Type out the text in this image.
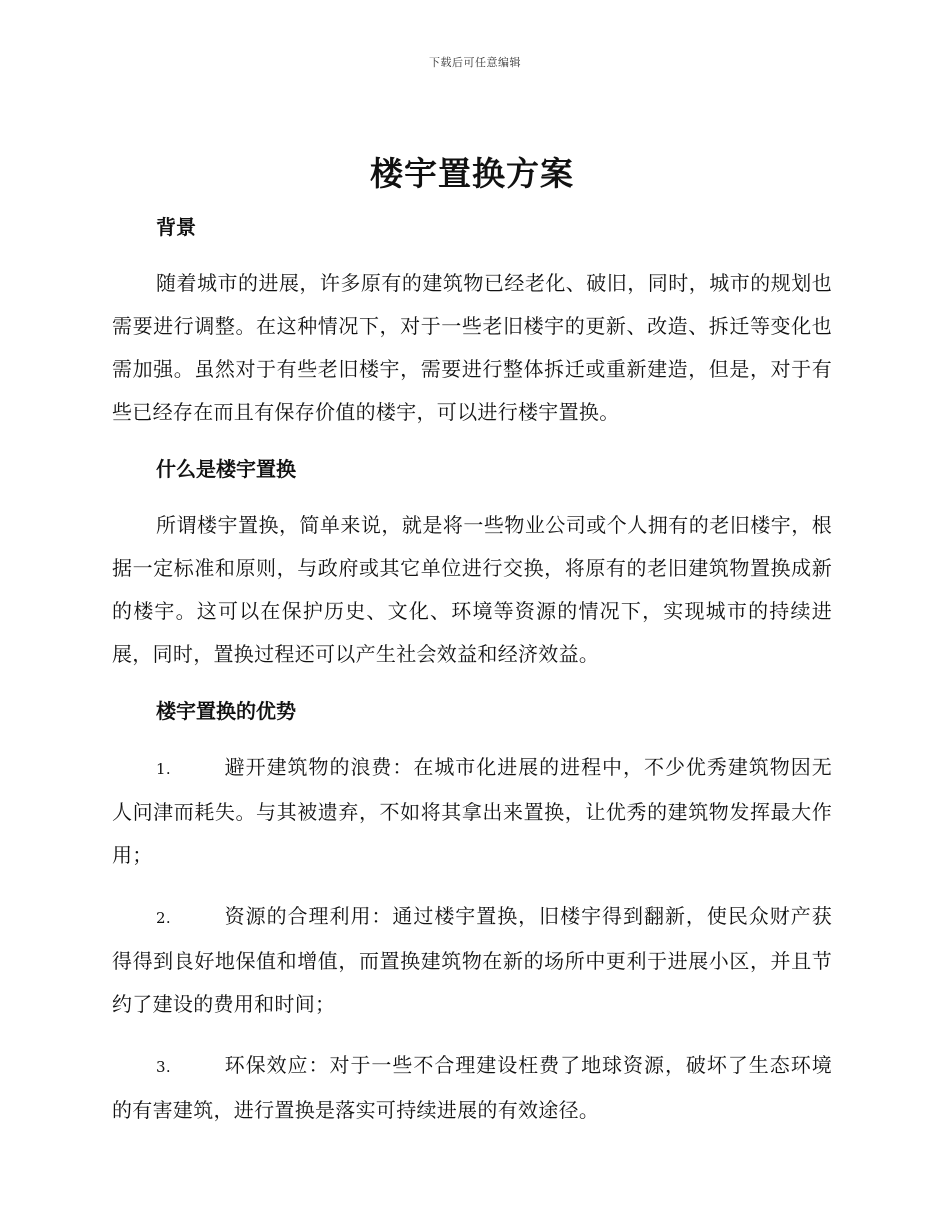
下载后可任意编辑
楼宇置换方案
背景

随着城市的进展，许多原有的建筑物已经老化、破旧，同时，城市的规划也需要进行调整。在这种情况下，对于一些老旧楼宇的更新、改造、拆迁等变化也需加强。虽然对于有些老旧楼宇，需要进行整体拆迁或重新建造，但是，对于有些已经存在而且有保存价值的楼宇，可以进行楼宇置换。

什么是楼宇置换

所谓楼宇置换，简单来说，就是将一些物业公司或个人拥有的老旧楼宇，根据一定标准和原则，与政府或其它单位进行交换，将原有的老旧建筑物置换成新的楼宇。这可以在保护历史、文化、环境等资源的情况下，实现城市的持续进展，同时，置换过程还可以产生社会效益和经济效益。

楼宇置换的优势
1.	避开建筑物的浪费：在城市化进展的进程中，不少优秀建筑物因无人问津而耗失。与其被遗弃，不如将其拿出来置换，让优秀的建筑物发挥最大作用；
2.	资源的合理利用：通过楼宇置换，旧楼宇得到翻新，使民众财产获得得到良好地保值和增值，而置换建筑物在新的场所中更利于进展小区，并且节约了建设的费用和时间；
3.	环保效应：对于一些不合理建设枉费了地球资源，破坏了生态环境的有害建筑，进行置换是落实可持续进展的有效途径。
